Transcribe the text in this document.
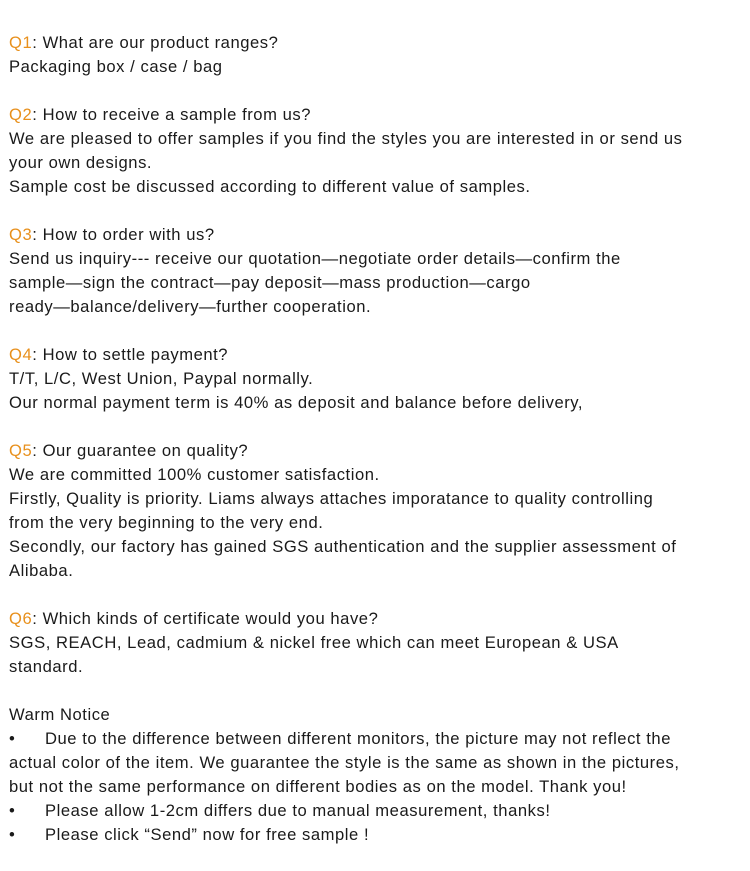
Q1: What are our product ranges?
Packaging box / case / bag
Q2: How to receive a sample from us?
We are pleased to offer samples if you find the styles you are interested in or send us
your own designs.
Sample cost be discussed according to different value of samples.
Q3: How to order with us?
Send us inquiry--- receive our quotation—negotiate order details—confirm the
sample—sign the contract—pay deposit—mass production—cargo
ready—balance/delivery—further cooperation.
Q4: How to settle payment?
T/T, L/C, West Union, Paypal normally.
Our normal payment term is 40% as deposit and balance before delivery,
Q5: Our guarantee on quality?
We are committed 100% customer satisfaction.
Firstly, Quality is priority. Liams always attaches imporatance to quality controlling
from the very beginning to the very end.
Secondly, our factory has gained SGS authentication and the supplier assessment of
Alibaba.
Q6: Which kinds of certificate would you have?
SGS, REACH, Lead, cadmium & nickel free which can meet European & USA
standard.
Warm Notice
• Due to the difference between different monitors, the picture may not reflect the
actual color of the item. We guarantee the style is the same as shown in the pictures,
but not the same performance on different bodies as on the model. Thank you!
• Please allow 1-2cm differs due to manual measurement, thanks!
• Please click “Send” now for free sample !
